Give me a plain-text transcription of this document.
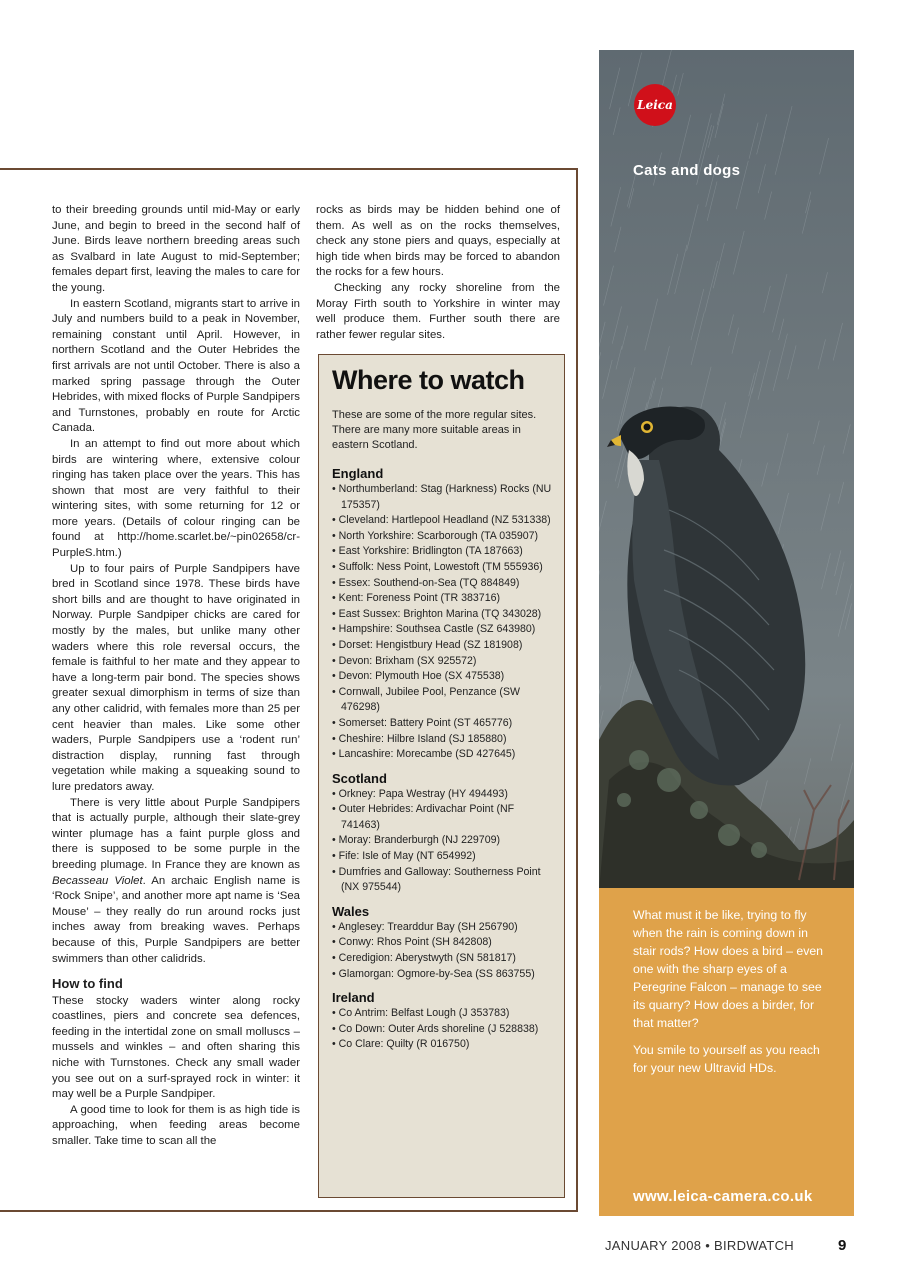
to their breeding grounds until mid-May or early June, and begin to breed in the second half of June. Birds leave northern breeding areas such as Svalbard in late August to mid-September; females depart first, leaving the males to care for the young.

In eastern Scotland, migrants start to arrive in July and numbers build to a peak in November, remaining constant until April. However, in northern Scotland and the Outer Hebrides the first arrivals are not until October. There is also a marked spring passage through the Outer Hebrides, with mixed flocks of Purple Sandpipers and Turnstones, probably en route for Arctic Canada.

In an attempt to find out more about which birds are wintering where, extensive colour ringing has taken place over the years. This has shown that most are very faithful to their wintering sites, with some returning for 12 or more years. (Details of colour ringing can be found at http://home.scarlet.be/~pin02658/cr-PurpleS.htm.)

Up to four pairs of Purple Sandpipers have bred in Scotland since 1978. These birds have short bills and are thought to have originated in Norway. Purple Sandpiper chicks are cared for mostly by the males, but unlike many other waders where this role reversal occurs, the female is faithful to her mate and they appear to have a long-term pair bond. The species shows greater sexual dimorphism in terms of size than any other calidrid, with females more than 25 per cent heavier than males. Like some other waders, Purple Sandpipers use a ‘rodent run’ distraction display, running fast through vegetation while making a squeaking sound to lure predators away.

There is very little about Purple Sandpipers that is actually purple, although their slate-grey winter plumage has a faint purple gloss and there is supposed to be some purple in the breeding plumage. In France they are known as Becasseau Violet. An archaic English name is ‘Rock Snipe’, and another more apt name is ‘Sea Mouse’ – they really do run around rocks just inches away from breaking waves. Perhaps because of this, Purple Sandpipers are better swimmers than other calidrids.

How to find

These stocky waders winter along rocky coastlines, piers and concrete sea defences, feeding in the intertidal zone on small molluscs – mussels and winkles – and often sharing this niche with Turnstones. Check any small wader you see out on a surf-sprayed rock in winter: it may well be a Purple Sandpiper.

A good time to look for them is as high tide is approaching, when feeding areas become smaller. Take time to scan all the

rocks as birds may be hidden behind one of them. As well as on the rocks themselves, check any stone piers and quays, especially at high tide when birds may be forced to abandon the rocks for a few hours.

Checking any rocky shoreline from the Moray Firth south to Yorkshire in winter may well produce them. Further south there are rather fewer regular sites.

Where to watch

These are some of the more regular sites. There are many more suitable areas in eastern Scotland.

England
• Northumberland: Stag (Harkness) Rocks (NU 175357)
• Cleveland: Hartlepool Headland (NZ 531338)
• North Yorkshire: Scarborough (TA 035907)
• East Yorkshire: Bridlington (TA 187663)
• Suffolk: Ness Point, Lowestoft (TM 555936)
• Essex: Southend-on-Sea (TQ 884849)
• Kent: Foreness Point (TR 383716)
• East Sussex: Brighton Marina (TQ 343028)
• Hampshire: Southsea Castle (SZ 643980)
• Dorset: Hengistbury Head (SZ 181908)
• Devon: Brixham (SX 925572)
• Devon: Plymouth Hoe (SX 475538)
• Cornwall, Jubilee Pool, Penzance (SW 476298)
• Somerset: Battery Point (ST 465776)
• Cheshire: Hilbre Island (SJ 185880)
• Lancashire: Morecambe (SD 427645)
Scotland
• Orkney: Papa Westray (HY 494493)
• Outer Hebrides: Ardivachar Point (NF 741463)
• Moray: Branderburgh (NJ 229709)
• Fife: Isle of May (NT 654992)
• Dumfries and Galloway: Southerness Point (NX 975544)
Wales
• Anglesey: Trearddur Bay (SH 256790)
• Conwy: Rhos Point (SH 842808)
• Ceredigion: Aberystwyth (SN 581817)
• Glamorgan: Ogmore-by-Sea (SS 863755)
Ireland
• Co Antrim: Belfast Lough (J 353783)
• Co Down: Outer Ards shoreline (J 528838)
• Co Clare: Quilty (R 016750)
Leica
Cats and dogs

What must it be like, trying to fly when the rain is coming down in stair rods? How does a bird – even one with the sharp eyes of a Peregrine Falcon – manage to see its quarry? How does a birder, for that matter?

You smile to yourself as you reach for your new Ultravid HDs.

www.leica-camera.co.uk
JANUARY 2008 • BIRDWATCH	9
